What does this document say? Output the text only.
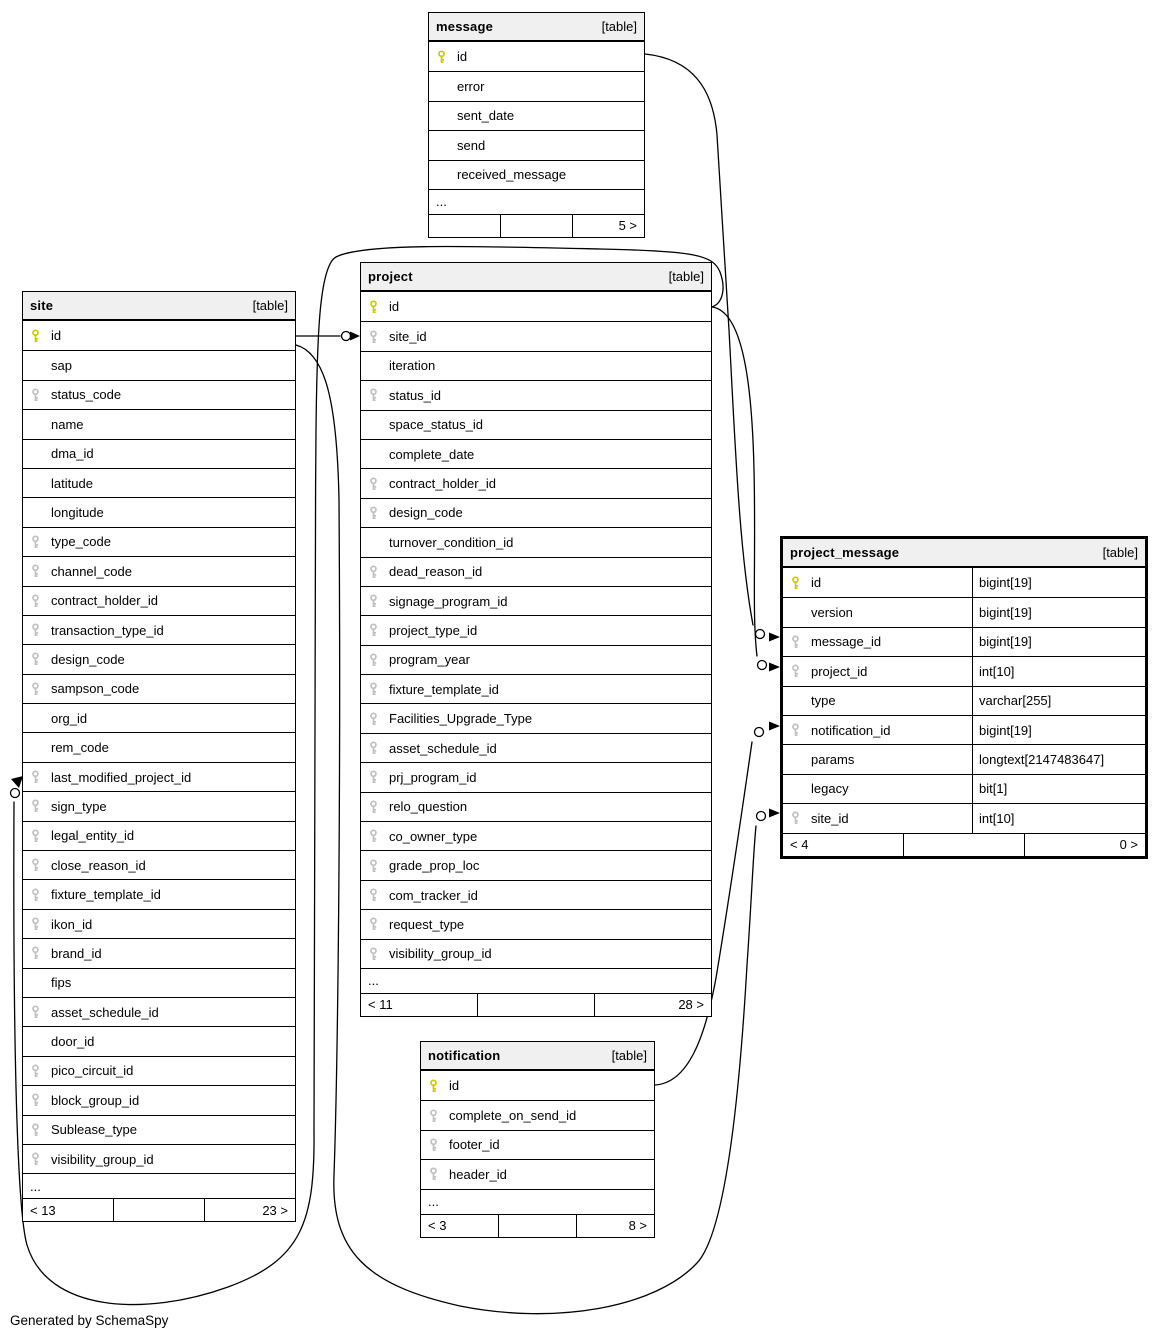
message	[table]
id
error
sent_date
send
received_message
...
5 >
project	[table]
id
site_id
iteration
status_id
space_status_id
complete_date
contract_holder_id
design_code
turnover_condition_id
dead_reason_id
signage_program_id
project_type_id
program_year
fixture_template_id
Facilities_Upgrade_Type
asset_schedule_id
prj_program_id
relo_question
co_owner_type
grade_prop_loc
com_tracker_id
request_type
visibility_group_id
...
< 11	28 >
site	[table]
id
sap
status_code
name
dma_id
latitude
longitude
type_code
channel_code
contract_holder_id
transaction_type_id
design_code
sampson_code
org_id
rem_code
last_modified_project_id
sign_type
legal_entity_id
close_reason_id
fixture_template_id
ikon_id
brand_id
fips
asset_schedule_id
door_id
pico_circuit_id
block_group_id
Sublease_type
visibility_group_id
...
< 13	23 >
project_message	[table]
id	bigint[19]
version	bigint[19]
message_id	bigint[19]
project_id	int[10]
type	varchar[255]
notification_id	bigint[19]
params	longtext[2147483647]
legacy	bit[1]
site_id	int[10]
< 4	0 >
notification	[table]
id
complete_on_send_id
footer_id
header_id
...
< 3	8 >
Generated by SchemaSpy
